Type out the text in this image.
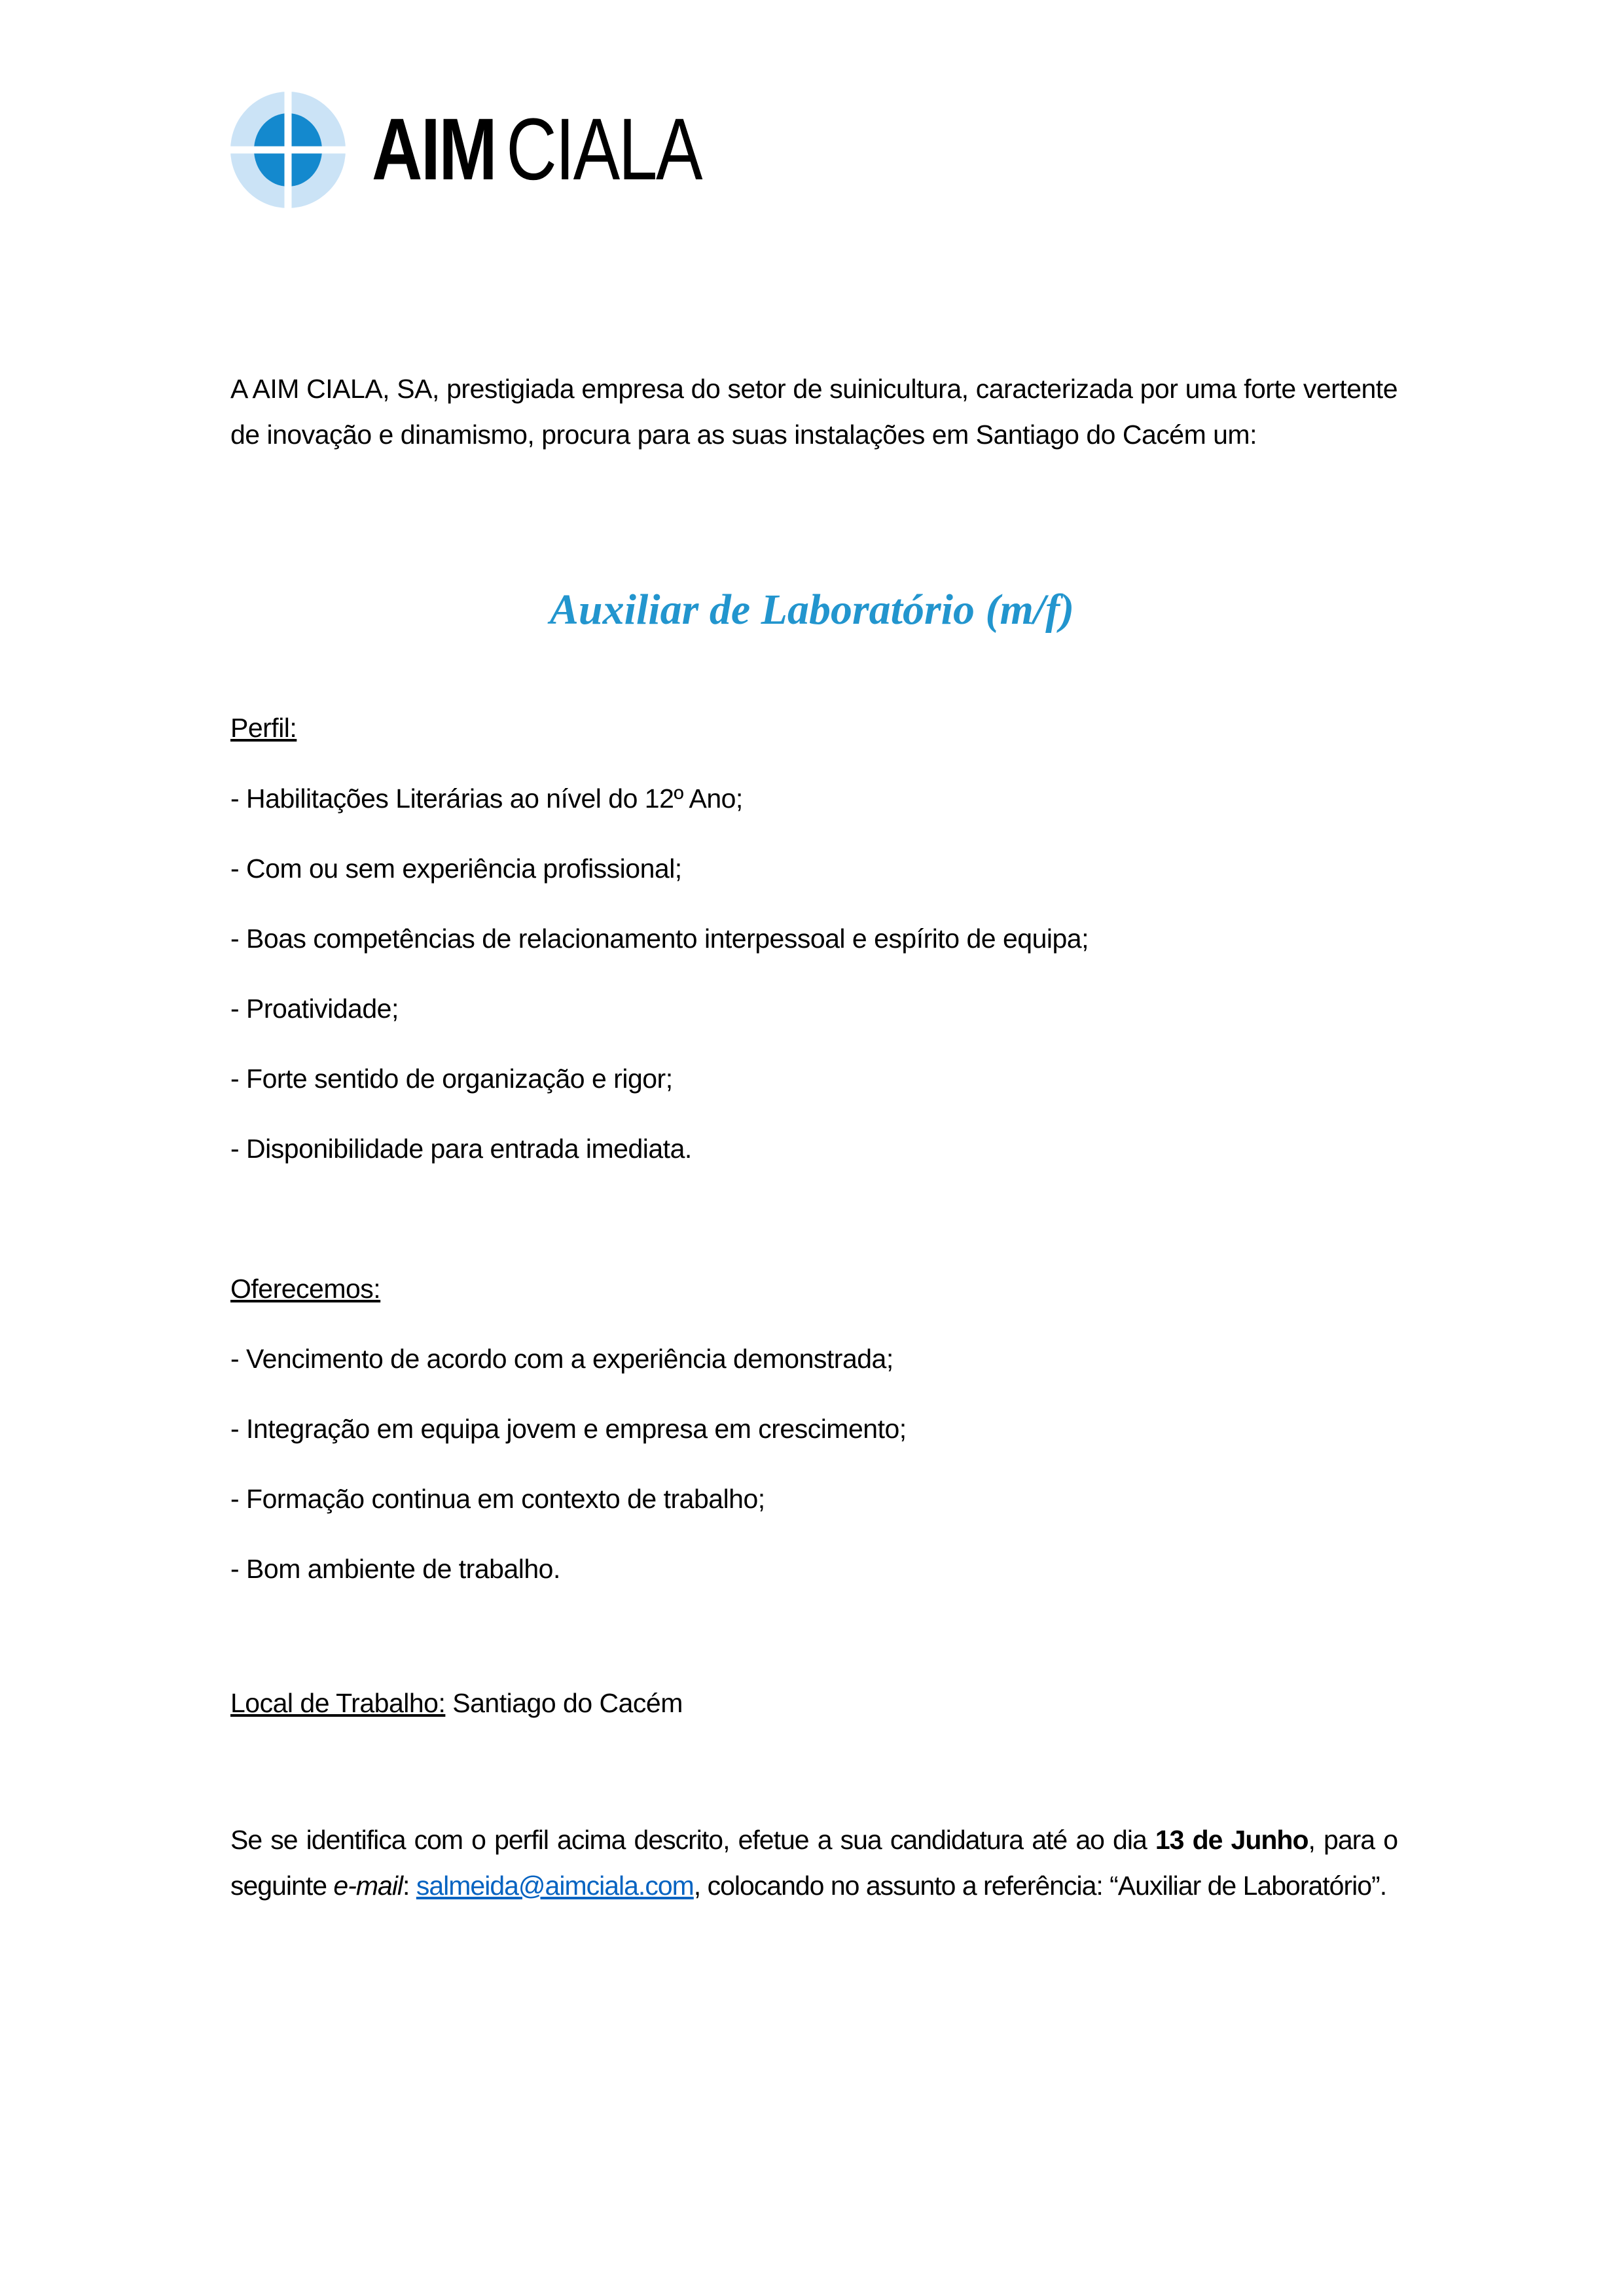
AIM CIALA

A AIM CIALA, SA, prestigiada empresa do setor de suinicultura, caracterizada por uma forte vertente de inovação e dinamismo, procura para as suas instalações em Santiago do Cacém um:

Auxiliar de Laboratório (m/f)

Perfil:

- Habilitações Literárias ao nível do 12º Ano;

- Com ou sem experiência profissional;

- Boas competências de relacionamento interpessoal e espírito de equipa;

- Proatividade;

- Forte sentido de organização e rigor;

- Disponibilidade para entrada imediata.

Oferecemos:

- Vencimento de acordo com a experiência demonstrada;

- Integração em equipa jovem e empresa em crescimento;

- Formação continua em contexto de trabalho;

- Bom ambiente de trabalho.

Local de Trabalho: Santiago do Cacém

Se se identifica com o perfil acima descrito, efetue a sua candidatura até ao dia 13 de Junho, para o seguinte e-mail: salmeida@aimciala.com, colocando no assunto a referência: “Auxiliar de Laboratório”.
